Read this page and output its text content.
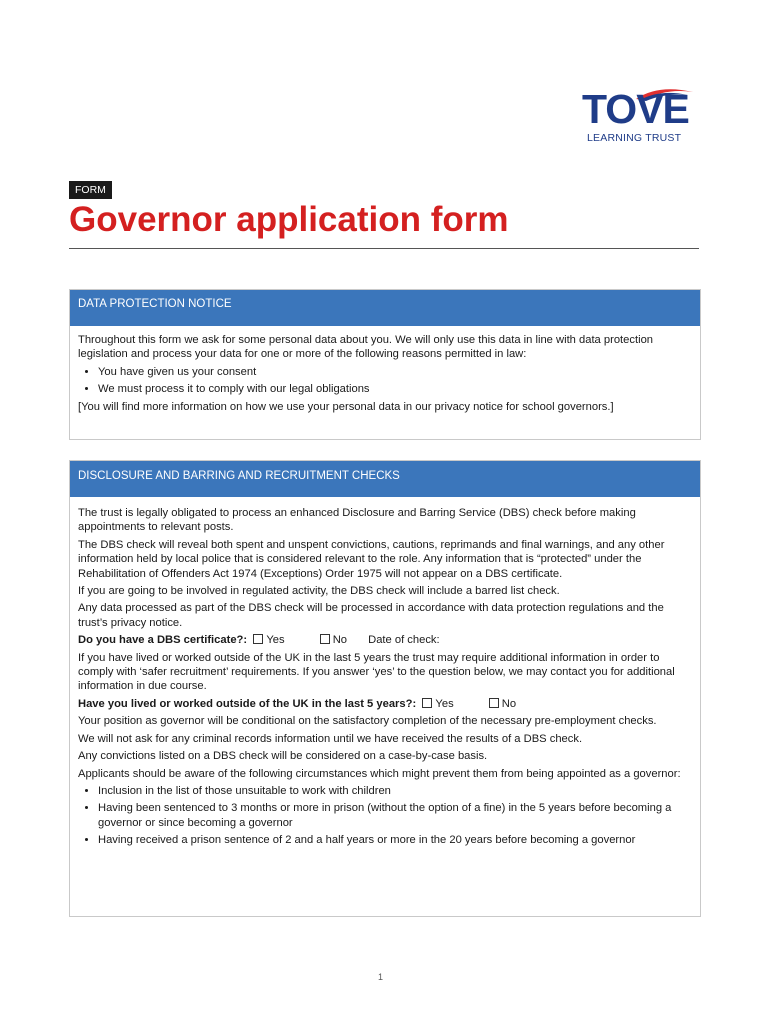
TOVE
LEARNING TRUST
FORM
Governor application form
DATA PROTECTION NOTICE

Throughout this form we ask for some personal data about you. We will only use this data in line with data protection legislation and process your data for one or more of the following reasons permitted in law:

• You have given us your consent
• We must process it to comply with our legal obligations

[You will find more information on how we use your personal data in our privacy notice for school governors.]

DISCLOSURE AND BARRING AND RECRUITMENT CHECKS

The trust is legally obligated to process an enhanced Disclosure and Barring Service (DBS) check before making appointments to relevant posts.

The DBS check will reveal both spent and unspent convictions, cautions, reprimands and final warnings, and any other information held by local police that is considered relevant to the role. Any information that is “protected” under the Rehabilitation of Offenders Act 1974 (Exceptions) Order 1975 will not appear on a DBS certificate.

If you are going to be involved in regulated activity, the DBS check will include a barred list check.

Any data processed as part of the DBS check will be processed in accordance with data protection regulations and the trust’s privacy notice.

Do you have a DBS certificate?: Yes	No Date of check:

If you have lived or worked outside of the UK in the last 5 years the trust may require additional information in order to comply with ‘safer recruitment’ requirements. If you answer ‘yes’ to the question below, we may contact you for additional information in due course.

Have you lived or worked outside of the UK in the last 5 years?: Yes	No

Your position as governor will be conditional on the satisfactory completion of the necessary pre-employment checks.

We will not ask for any criminal records information until we have received the results of a DBS check.

Any convictions listed on a DBS check will be considered on a case-by-case basis.

Applicants should be aware of the following circumstances which might prevent them from being appointed as a governor:

• Inclusion in the list of those unsuitable to work with children
• Having been sentenced to 3 months or more in prison (without the option of a fine) in the 5 years before becoming a governor or since becoming a governor
• Having received a prison sentence of 2 and a half years or more in the 20 years before becoming a governor
1
